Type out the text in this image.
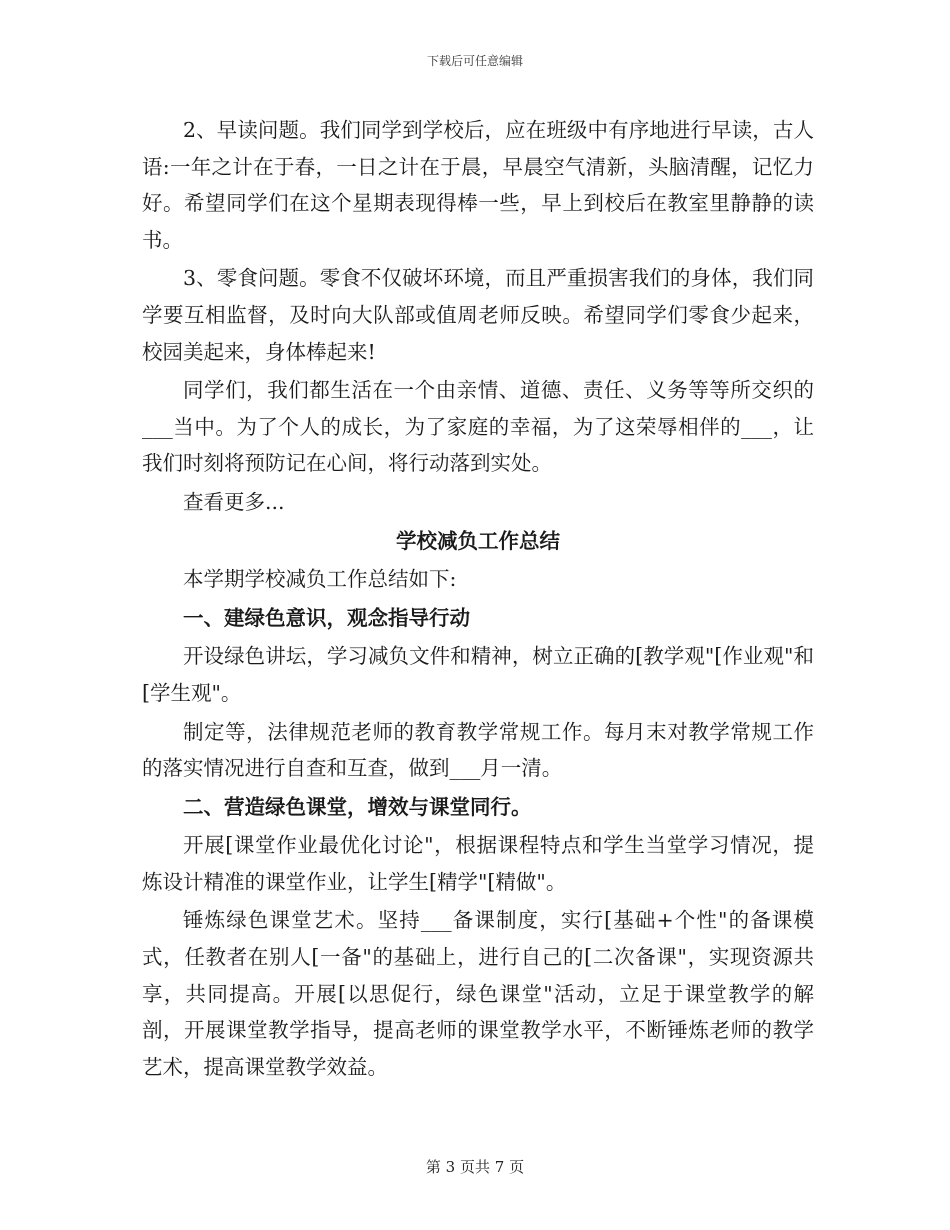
下载后可任意编辑

2、早读问题。我们同学到学校后，应在班级中有序地进行早读，古人语:一年之计在于春，一日之计在于晨，早晨空气清新，头脑清醒，记忆力好。希望同学们在这个星期表现得棒一些，早上到校后在教室里静静的读书。

3、零食问题。零食不仅破坏环境，而且严重损害我们的身体，我们同学要互相监督，及时向大队部或值周老师反映。希望同学们零食少起来，校园美起来，身体棒起来!

同学们，我们都生活在一个由亲情、道德、责任、义务等等所交织的___当中。为了个人的成长，为了家庭的幸福，为了这荣辱相伴的___，让我们时刻将预防记在心间，将行动落到实处。

查看更多...

学校减负工作总结

本学期学校减负工作总结如下:

一、建绿色意识，观念指导行动

开设绿色讲坛，学习减负文件和精神，树立正确的[教学观"[作业观"和[学生观"。

制定等，法律规范老师的教育教学常规工作。每月末对教学常规工作的落实情况进行自查和互查，做到___月一清。

二、营造绿色课堂，增效与课堂同行。

开展[课堂作业最优化讨论"，根据课程特点和学生当堂学习情况，提炼设计精准的课堂作业，让学生[精学"[精做"。

锤炼绿色课堂艺术。坚持___备课制度，实行[基础+个性"的备课模式，任教者在别人[一备"的基础上，进行自己的[二次备课"，实现资源共享，共同提高。开展[以思促行，绿色课堂"活动，立足于课堂教学的解剖，开展课堂教学指导，提高老师的课堂教学水平，不断锤炼老师的教学艺术，提高课堂教学效益。

第 3 页共 7 页
